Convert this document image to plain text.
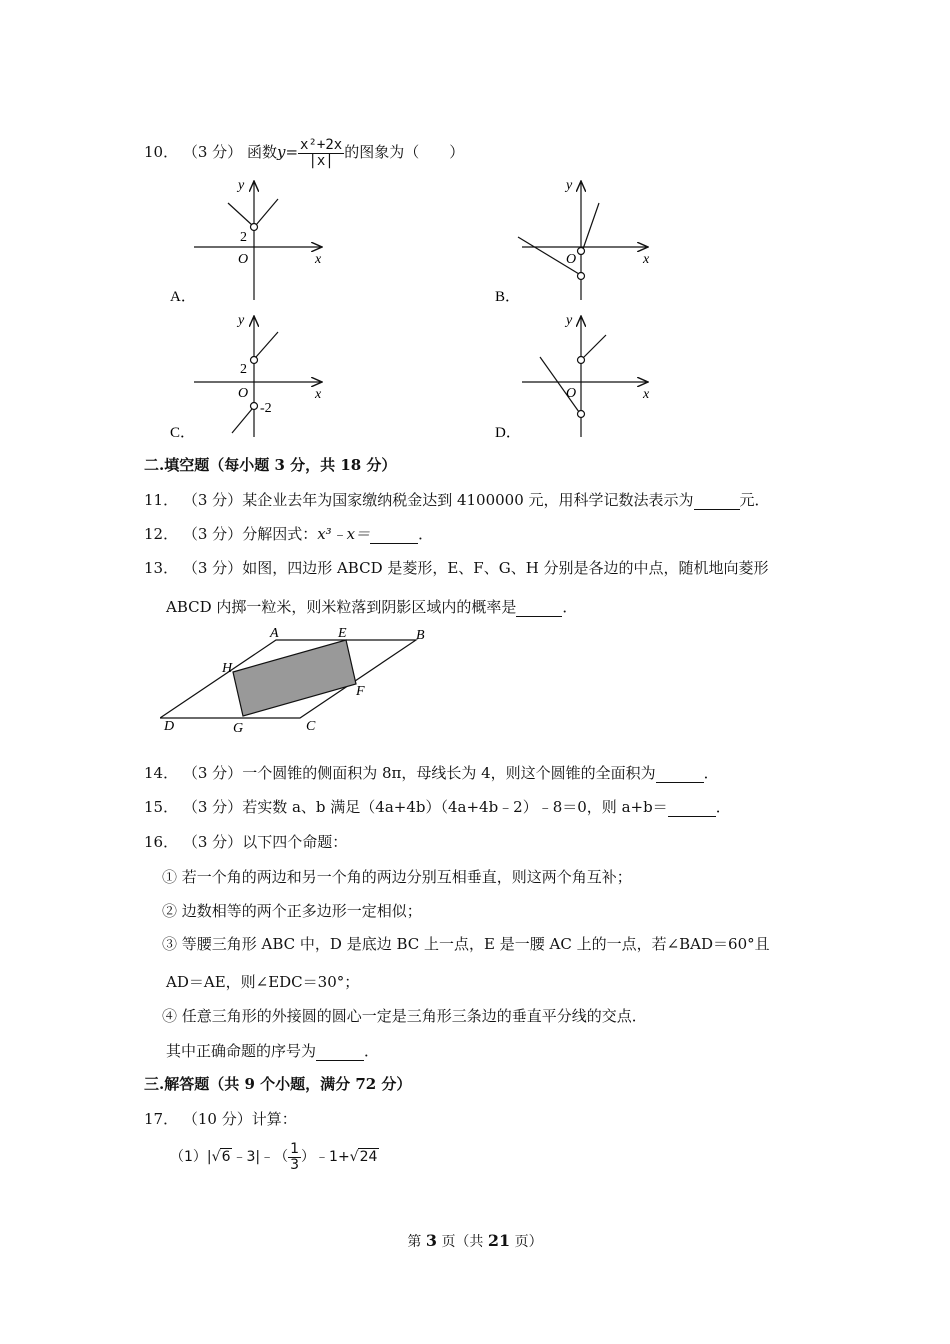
10． （3 分） 函数$y= \frac{\text{x²+2x}}{|x|}$ 的图象为（　　）
y
x
O
2
A．
y
x
O
B．
y
x
O
2
-2
C．
y
x
O
D．
二.填空题（每小题 3 分，共 18 分）
11． （3 分）某企业去年为国家缴纳税金达到 4100000 元，用科学记数法表示为	元．
12． （3 分）分解因式：x³﹣x＝	．
13． （3 分）如图，四边形 ABCD 是菱形，E、F、G、H 分别是各边的中点，随机地向菱形
ABCD 内掷一粒米，则米粒落到阴影区域内的概率是	．
A	B
C
D
E
F
G
H
14． （3 分）一个圆锥的侧面积为 8π，母线长为 4，则这个圆锥的全面积为	．
15． （3 分）若实数 a、b 满足（4a+4b）（4a+4b﹣2）﹣8＝0，则 a+b＝	．
16． （3 分）以下四个命题：
① 若一个角的两边和另一个角的两边分别互相垂直，则这两个角互补；
② 边数相等的两个正多边形一定相似；
③ 等腰三角形 ABC 中，D 是底边 BC 上一点，E 是一腰 AC 上的一点，若∠BAD＝60°且
AD＝AE，则∠EDC＝30°；
④ 任意三角形的外接圆的圆心一定是三角形三条边的垂直平分线的交点．
其中正确命题的序号为	．
三.解答题（共 9 个小题，满分 72 分）
17． （10 分）计算：
（1）|√6 ﹣3|﹣（ $\frac{1}{3}$ ）﹣1+√24
第 3 页（共 21 页）
